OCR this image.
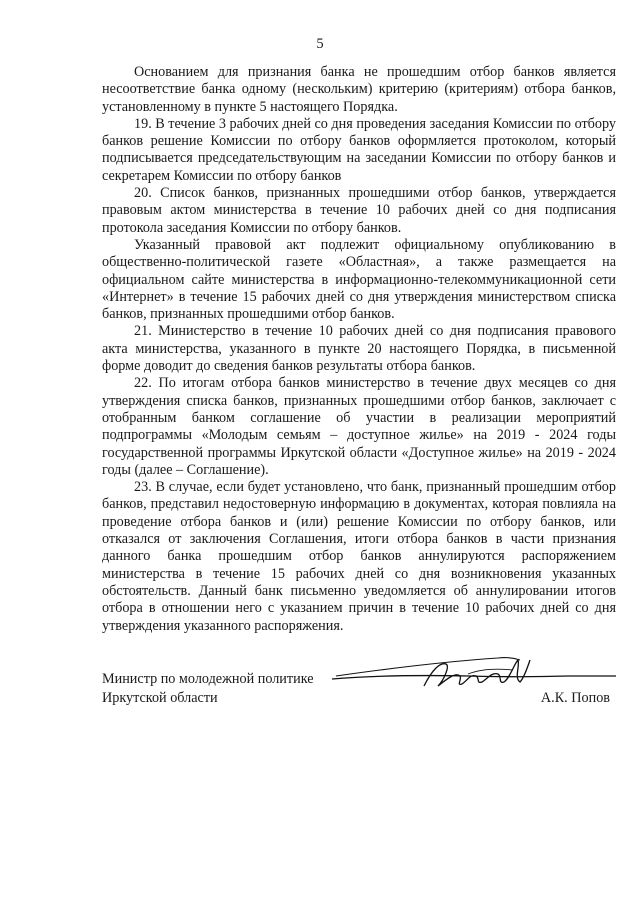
5

Основанием для признания банка не прошедшим отбор банков является несоответствие банка одному (нескольким) критерию (критериям) отбора банков, установленному в пункте 5 настоящего Порядка.

19. В течение 3 рабочих дней со дня проведения заседания Комиссии по отбору банков решение Комиссии по отбору банков оформляется протоколом, который подписывается председательствующим на заседании Комиссии по отбору банков и секретарем Комиссии по отбору банков

20. Список банков, признанных прошедшими отбор банков, утверждается правовым актом министерства в течение 10 рабочих дней со дня подписания протокола заседания Комиссии по отбору банков.

Указанный правовой акт подлежит официальному опубликованию в общественно-политической газете «Областная», а также размещается на официальном сайте министерства в информационно-телекоммуникационной сети «Интернет» в течение 15 рабочих дней со дня утверждения министерством списка банков, признанных прошедшими отбор банков.

21. Министерство в течение 10 рабочих дней со дня подписания правового акта министерства, указанного в пункте 20 настоящего Порядка, в письменной форме доводит до сведения банков результаты отбора банков.

22. По итогам отбора банков министерство в течение двух месяцев со дня утверждения списка банков, признанных прошедшими отбор банков, заключает с отобранным банком соглашение об участии в реализации мероприятий подпрограммы «Молодым семьям – доступное жилье» на 2019 - 2024 годы государственной программы Иркутской области «Доступное жилье» на 2019 - 2024 годы (далее – Соглашение).

23. В случае, если будет установлено, что банк, признанный прошедшим отбор банков, представил недостоверную информацию в документах, которая повлияла на проведение отбора банков и (или) решение Комиссии по отбору банков, или отказался от заключения Соглашения, итоги отбора банков в части признания данного банка прошедшим отбор банков аннулируются распоряжением министерства в течение 15 рабочих дней со дня возникновения указанных обстоятельств. Данный банк письменно уведомляется об аннулировании итогов отбора в отношении него с указанием причин в течение 10 рабочих дней со дня утверждения указанного распоряжения.

Министр по молодежной политике
Иркутской области	А.К. Попов
